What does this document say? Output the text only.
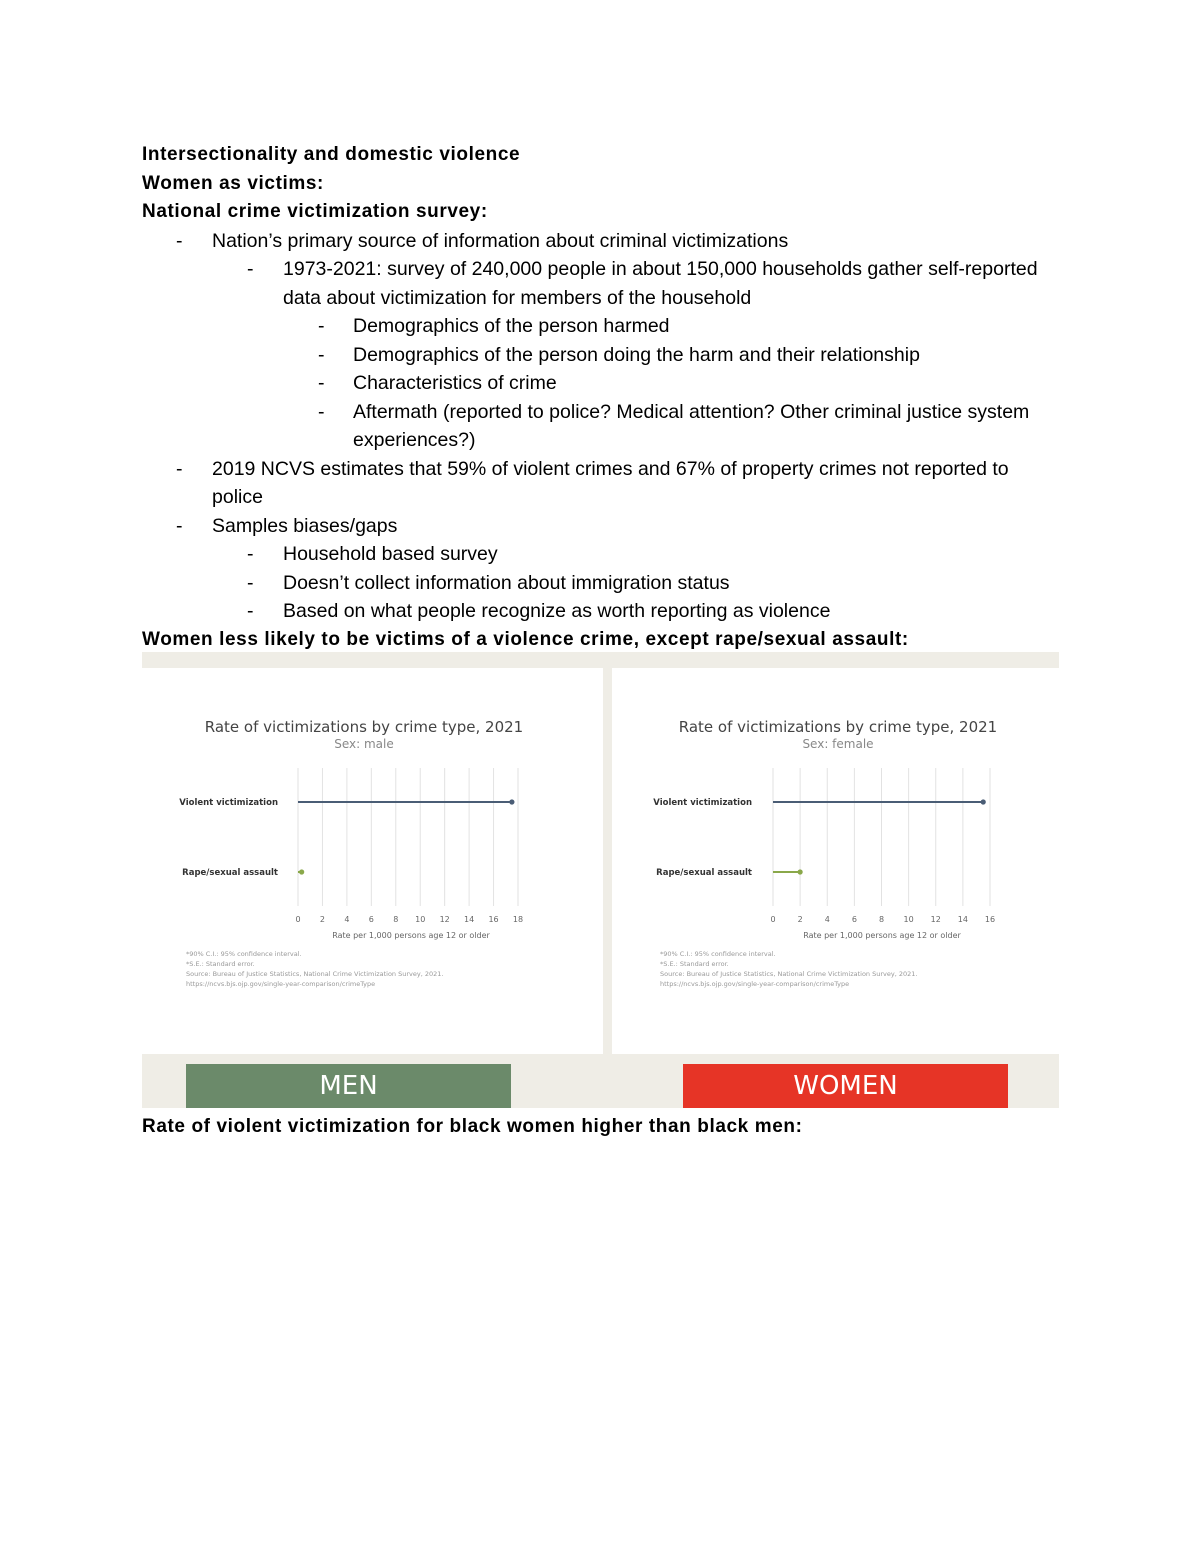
Intersectionality and domestic violence
Women as victims:
National crime victimization survey:
- Nation’s primary source of information about criminal victimizations
- 1973-2021: survey of 240,000 people in about 150,000 households gather self-reported data about victimization for members of the household
- Demographics of the person harmed
- Demographics of the person doing the harm and their relationship
- Characteristics of crime
- Aftermath (reported to police? Medical attention? Other criminal justice system experiences?)
- 2019 NCVS estimates that 59% of violent crimes and 67% of property crimes not reported to police
- Samples biases/gaps
- Household based survey
- Doesn’t collect information about immigration status
- Based on what people recognize as worth reporting as violence
Women less likely to be victims of a violence crime, except rape/sexual assault:
Rate of victimizations by crime type, 2021
Sex: male
0 2 4 6 8 10 12 14 16 18
Rate per 1,000 persons age 12 or older
Violent victimization
Rape/sexual assault
*90% C.I.: 95% confidence interval.
*S.E.: Standard error.
Source: Bureau of Justice Statistics, National Crime Victimization Survey, 2021.
https://ncvs.bjs.ojp.gov/single-year-comparison/crimeType
Rate of victimizations by crime type, 2021
Sex: female
0	2	4	6	8 10 12 14 16
Rate per 1,000 persons age 12 or older
Violent victimization
Rape/sexual assault
*90% C.I.: 95% confidence interval.
*S.E.: Standard error.
Source: Bureau of Justice Statistics, National Crime Victimization Survey, 2021.
https://ncvs.bjs.ojp.gov/single-year-comparison/crimeType
MEN	WOMEN
Rate of violent victimization for black women higher than black men:
